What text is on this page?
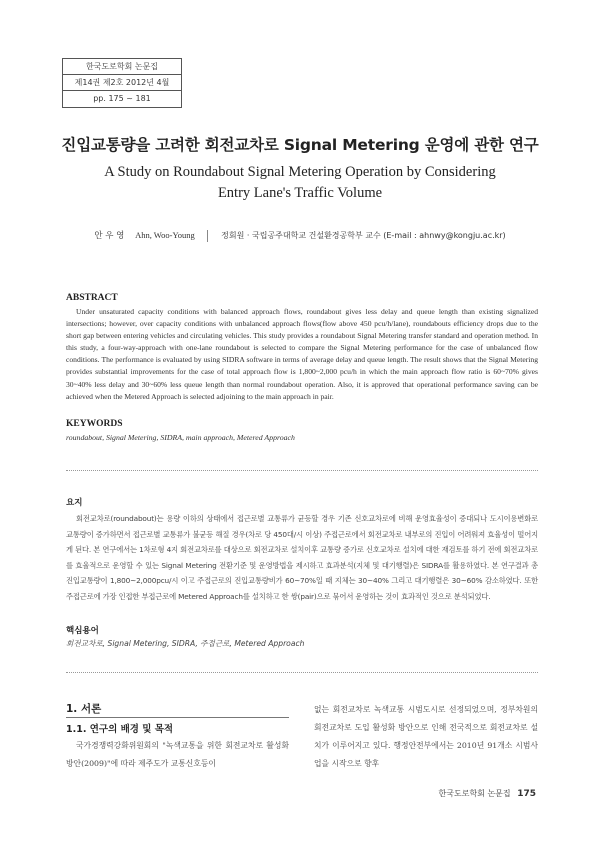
한국도로학회 논문집
제14권 제2호 2012년 4월
pp. 175 ~ 181
진입교통량을 고려한 회전교차로 Signal Metering 운영에 관한 연구
A Study on Roundabout Signal Metering Operation by Considering
Entry Lane's Traffic Volume
안 우 영 Ahn, Woo-Young	정회원 · 국립공주대학교 건설환경공학부 교수 (E-mail : ahnwy@kongju.ac.kr)
ABSTRACT
Under unsaturated capacity conditions with balanced approach flows, roundabout gives less delay and queue length than existing signalized intersections; however, over capacity conditions with unbalanced approach flows(flow above 450 pcu/h/lane), roundabouts efficiency drops due to the short gap between entering vehicles and circulating vehicles. This study provides a roundabout Signal Metering transfer standard and operation method. In this study, a four-way-approach with one-lane roundabout is selected to compare the Signal Metering performance for the case of unbalanced flow conditions. The performance is evaluated by using SIDRA software in terms of average delay and queue length. The result shows that the Signal Metering provides substantial improvements for the case of total approach flow is 1,800~2,000 pcu/h in which the main approach flow ratio is 60~70% gives 30~40% less delay and 30~60% less queue length than normal roundabout operation. Also, it is approved that operational performance saving can be achieved when the Metered Approach is selected adjoining to the main approach in pair.
KEYWORDS
roundabout, Signal Metering, SIDRA, main approach, Metered Approach
요지
회전교차로(roundabout)는 용량 이하의 상태에서 접근로별 교통류가 균등할 경우 기존 신호교차로에 비해 운영효율성이 증대되나 도시이용변화로 교통량이 증가하면서 접근로별 교통류가 불균등 해질 경우(차로 당 450대/시 이상) 주접근로에서 회전교차로 내부로의 진입이 어려워져 효율성이 떨어지게 된다. 본 연구에서는 1차로형 4지 회전교차로를 대상으로 회전교차로 설치이후 교통량 증가로 신호교차로 설치에 대한 재검토를 하기 전에 회전교차로를 효율적으로 운영할 수 있는 Signal Metering 전환기준 및 운영방법을 제시하고 효과분석(지체 및 대기행렬)은 SIDRA를 활용하였다. 본 연구결과 총 진입교통량이 1,800~2,000pcu/시 이고 주접근로의 진입교통량비가 60~70%일 때 지체는 30~40% 그리고 대기행렬은 30~60% 감소하였다. 또한 주접근로에 가장 인접한 부접근로에 Metered Approach를 설치하고 한 쌍(pair)으로 묶어서 운영하는 것이 효과적인 것으로 분석되었다.
핵심용어
회전교차로, Signal Metering, SIDRA, 주접근로, Metered Approach
1. 서론
1.1. 연구의 배경 및 목적
국가경쟁력강화위원회의 "녹색교통을 위한 회전교차로 활성화 방안(2009)"에 따라 제주도가 교통신호등이
없는 회전교차로 녹색교통 시범도시로 선정되었으며, 정부차원의 회전교차로 도입 활성화 방안으로 인해 전국적으로 회전교차로 설치가 이루어지고 있다. 행정안전부에서는 2010년 91개소 시범사업을 시작으로 향후
한국도로학회 논문집 175
